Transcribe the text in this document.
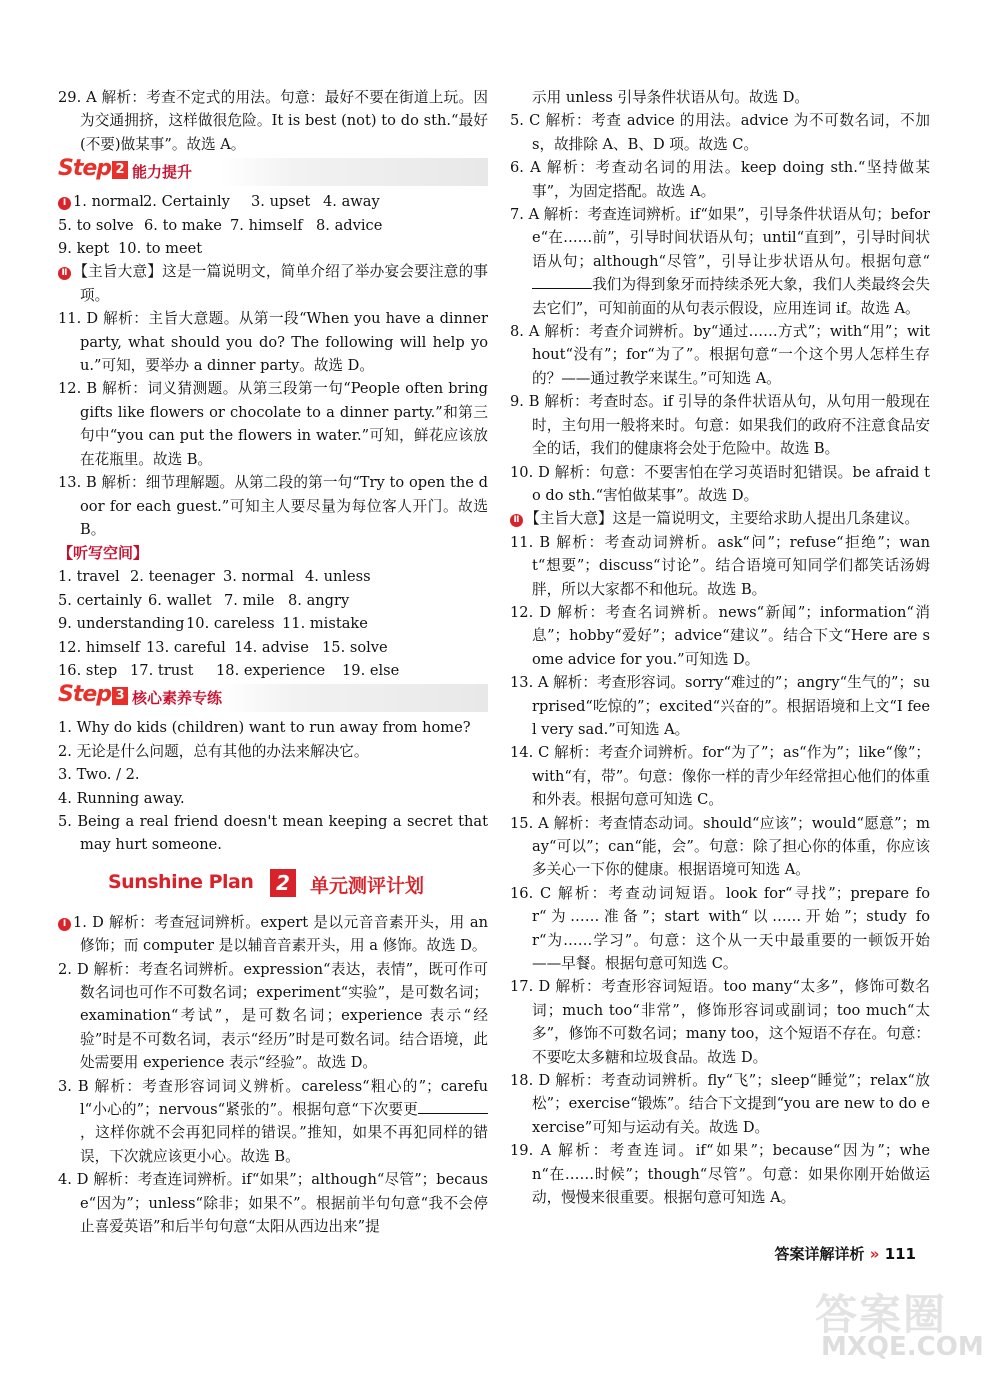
29. A 解析：考查不定式的用法。句意：最好不要在街道上玩。因为交通拥挤，这样做很危险。It is best (not) to do sth.“最好(不要)做某事”。故选 A。

Step 2 能力提升
Ⅰ 1. normal2. Certainly 3. upset 4. away
5. to solve 6. to make 7. himself 8. advice
9. kept 10. to meet

Ⅱ 【主旨大意】这是一篇说明文，简单介绍了举办宴会要注意的事项。

11. D 解析：主旨大意题。从第一段“When you have a dinner party, what should you do? The following will help you.”可知，要举办 a dinner party。故选 D。

12. B 解析：词义猜测题。从第三段第一句“People often bring gifts like flowers or chocolate to a dinner party.”和第三句中“you can put the flowers in water.”可知，鲜花应该放在花瓶里。故选 B。

13. B 解析：细节理解题。从第二段的第一句“Try to open the door for each guest.”可知主人要尽量为每位客人开门。故选 B。

【听写空间】
1. travel 2. teenager 3. normal 4. unless
5. certainly 6. wallet 7. mile 8. angry
9. understanding10. careless 11. mistake
12. himself 13. careful 14. advise 15. solve
16. step 17. trust 18. experience 19. else
Step 3 核心素养专练

1. Why do kids (children) want to run away from home?

2. 无论是什么问题，总有其他的办法来解决它。

3. Two. / 2.

4. Running away.

5. Being a real friend doesn't mean keeping a secret that may hurt someone.

Sunshine Plan	2	单元测评计划

Ⅰ 1. D 解析：考查冠词辨析。expert 是以元音音素开头，用 an 修饰；而 computer 是以辅音音素开头，用 a 修饰。故选 D。

2. D 解析：考查名词辨析。expression“表达，表情”，既可作可数名词也可作不可数名词；experiment“实验”，是可数名词；examination“考试”，是可数名词；experience 表示“经验”时是不可数名词，表示“经历”时是可数名词。结合语境，此处需要用 experience 表示“经验”。故选 D。

3. B 解析：考查形容词词义辨析。careless“粗心的”；careful“小心的”；nervous“紧张的”。根据句意“下次要更，这样你就不会再犯同样的错误。”推知，如果不再犯同样的错误，下次就应该更小心。故选 B。

4. D 解析：考查连词辨析。if“如果”；although“尽管”；because“因为”；unless“除非；如果不”。根据前半句句意“我不会停止喜爱英语”和后半句句意“太阳从西边出来”提

示用 unless 引导条件状语从句。故选 D。

5. C 解析：考查 advice 的用法。advice 为不可数名词，不加 s，故排除 A、B、D 项。故选 C。

6. A 解析：考查动名词的用法。keep doing sth.“坚持做某事”，为固定搭配。故选 A。

7. A 解析：考查连词辨析。if“如果”，引导条件状语从句；before“在……前”，引导时间状语从句；until“直到”，引导时间状语从句；although“尽管”，引导让步状语从句。根据句意“我们为得到象牙而持续杀死大象，我们人类最终会失去它们”，可知前面的从句表示假设，应用连词 if。故选 A。

8. A 解析：考查介词辨析。by“通过……方式”；with“用”；without“没有”；for“为了”。根据句意“一个这个男人怎样生存的？——通过教学来谋生。”可知选 A。

9. B 解析：考查时态。if 引导的条件状语从句，从句用一般现在时，主句用一般将来时。句意：如果我们的政府不注意食品安全的话，我们的健康将会处于危险中。故选 B。

10. D 解析：句意：不要害怕在学习英语时犯错误。be afraid to do sth.“害怕做某事”。故选 D。

Ⅱ 【主旨大意】这是一篇说明文，主要给求助人提出几条建议。

11. B 解析：考查动词辨析。ask“问”；refuse“拒绝”；want“想要”；discuss“讨论”。结合语境可知同学们都笑话汤姆胖，所以大家都不和他玩。故选 B。

12. D 解析：考查名词辨析。news“新闻”；information“消息”；hobby“爱好”；advice“建议”。结合下文“Here are some advice for you.”可知选 D。

13. A 解析：考查形容词。sorry“难过的”；angry“生气的”；surprised“吃惊的”；excited“兴奋的”。根据语境和上文“I feel very sad.”可知选 A。

14. C 解析：考查介词辨析。for“为了”；as“作为”；like“像”；with“有，带”。句意：像你一样的青少年经常担心他们的体重和外表。根据句意可知选 C。

15. A 解析：考查情态动词。should“应该”；would“愿意”；may“可以”；can“能，会”。句意：除了担心你的体重，你应该多关心一下你的健康。根据语境可知选 A。

16. C 解析：考查动词短语。look for“寻找”；prepare for“为……准备”；start with“以……开始”；study for“为……学习”。句意：这个从一天中最重要的一顿饭开始——早餐。根据句意可知选 C。

17. D 解析：考查形容词短语。too many“太多”，修饰可数名词；much too“非常”，修饰形容词或副词；too much“太多”，修饰不可数名词；many too，这个短语不存在。句意：不要吃太多糖和垃圾食品。故选 D。

18. D 解析：考查动词辨析。fly“飞”；sleep“睡觉”；relax“放松”；exercise“锻炼”。结合下文提到“you are new to do exercise”可知与运动有关。故选 D。

19. A 解析：考查连词。if“如果”；because“因为”；when“在……时候”；though“尽管”。句意：如果你刚开始做运动，慢慢来很重要。根据句意可知选 A。

答案详解详析 » 111
答案圈
MXQE.COM
